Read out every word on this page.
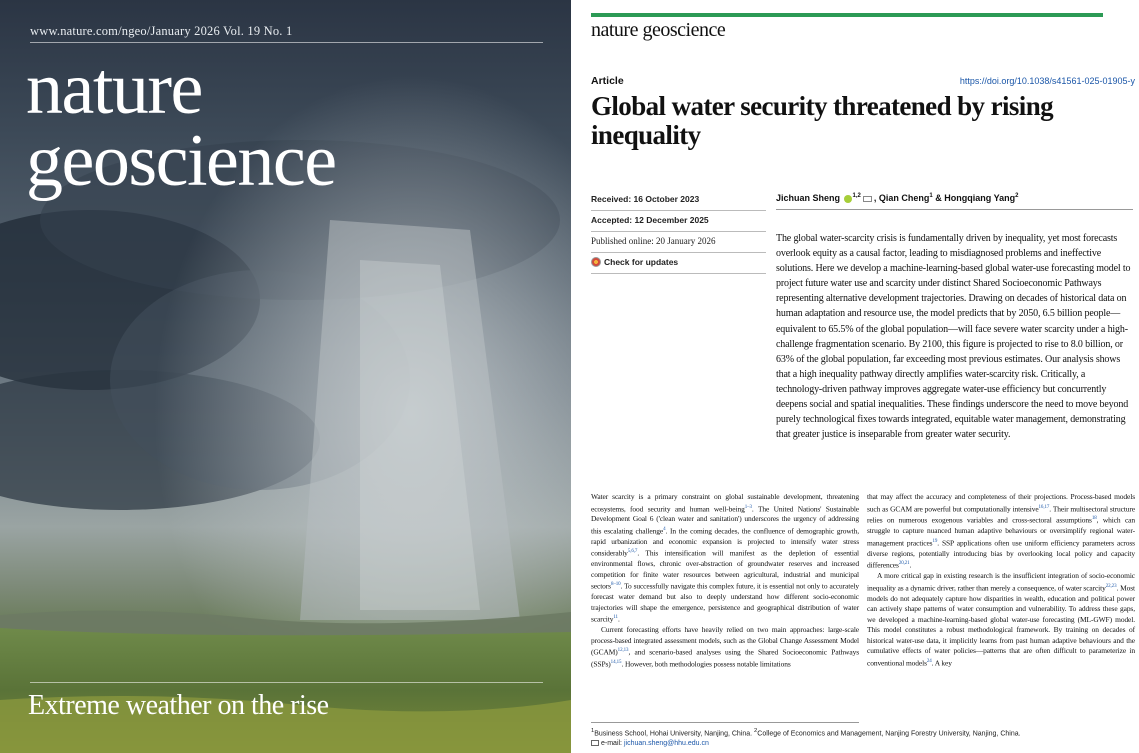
www.nature.com/ngeo/January 2026 Vol. 19 No. 1
nature
geoscience
Extreme weather on the rise
nature geoscience
Article	https://doi.org/10.1038/s41561-025-01905-y
Global water security threatened by rising inequality
Received: 16 October 2023
Accepted: 12 December 2025
Published online: 20 January 2026
Check for updates
Jichuan Sheng $^{1,2}$ , Qian Cheng$^1$ & Hongqiang Yang$^2$

The global water-scarcity crisis is fundamentally driven by inequality, yet most forecasts overlook equity as a causal factor, leading to misdiagnosed problems and ineffective solutions. Here we develop a machine-learning-based global water-use forecasting model to project future water use and scarcity under distinct Shared Socioeconomic Pathways representing alternative development trajectories. Drawing on decades of historical data on human adaptation and resource use, the model predicts that by 2050, 6.5 billion people—equivalent to 65.5% of the global population—will face severe water scarcity under a high-challenge fragmentation scenario. By 2100, this figure is projected to rise to 8.0 billion, or 63% of the global population, far exceeding most previous estimates. Our analysis shows that a high inequality pathway directly amplifies water-scarcity risk. Critically, a technology-driven pathway improves aggregate water-use efficiency but concurrently deepens social and spatial inequalities. These findings underscore the need to move beyond purely technological fixes towards integrated, equitable water management, demonstrating that greater justice is inseparable from greater water security.

Water scarcity is a primary constraint on global sustainable development, threatening ecosystems, food security and human well-being$^{1-3}$. The United Nations' Sustainable Development Goal 6 ('clean water and sanitation') underscores the urgency of addressing this escalating challenge$^4$. In the coming decades, the confluence of demographic growth, rapid urbanization and economic expansion is projected to intensify water stress considerably$^{5,6,7}$. This intensification will manifest as the depletion of essential environmental flows, chronic over-abstraction of groundwater reserves and increased competition for finite water resources between agricultural, industrial and municipal sectors$^{8-10}$. To successfully navigate this complex future, it is essential not only to accurately forecast water demand but also to deeply understand how different socio-economic trajectories will shape the emergence, persistence and geographical distribution of water scarcity$^{11}$.

Current forecasting efforts have heavily relied on two main approaches: large-scale process-based integrated assessment models, such as the Global Change Assessment Model (GCAM)$^{12,13}$, and scenario-based analyses using the Shared Socioeconomic Pathways (SSPs)$^{14,15}$. However, both methodologies possess notable limitations

that may affect the accuracy and completeness of their projections. Process-based models such as GCAM are powerful but computationally intensive$^{16,17}$. Their multisectoral structure relies on numerous exogenous variables and cross-sectoral assumptions$^{18}$, which can struggle to capture nuanced human adaptive behaviours or oversimplify regional water-management practices$^{19}$. SSP applications often use uniform efficiency parameters across diverse regions, potentially introducing bias by overlooking local policy and capacity differences$^{20,21}$.

A more critical gap in existing research is the insufficient integration of socio-economic inequality as a dynamic driver, rather than merely a consequence, of water scarcity$^{22,23}$. Most models do not adequately capture how disparities in wealth, education and political power can actively shape patterns of water consumption and vulnerability. To address these gaps, we developed a machine-learning-based global water-use forecasting (ML-GWF) model. This model constitutes a robust methodological framework. By training on decades of historical water-use data, it implicitly learns from past human adaptive behaviours and the cumulative effects of water policies—patterns that are often difficult to parameterize in conventional models$^{24}$. A key

$^1$Business School, Hohai University, Nanjing, China. $^2$College of Economics and Management, Nanjing Forestry University, Nanjing, China.
e-mail: jichuan.sheng@hhu.edu.cn
